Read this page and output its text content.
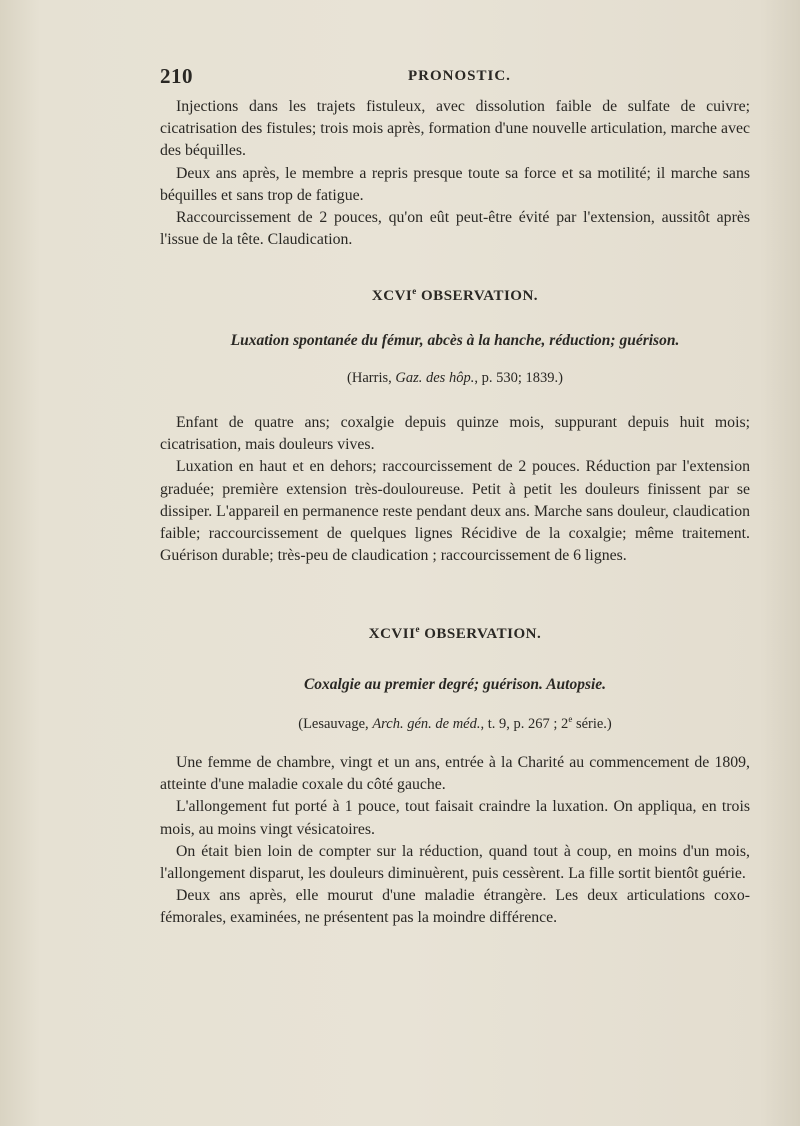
210	PRONOSTIC.

Injections dans les trajets fistuleux, avec dissolution faible de sulfate de cuivre; cicatrisation des fistules; trois mois après, formation d'une nouvelle articulation, marche avec des béquilles.

Deux ans après, le membre a repris presque toute sa force et sa motilité; il marche sans béquilles et sans trop de fatigue.

Raccourcissement de 2 pouces, qu'on eût peut-être évité par l'extension, aussitôt après l'issue de la tête. Claudication.

XCVIe OBSERVATION.
Luxation spontanée du fémur, abcès à la hanche, réduction; guérison.
(Harris, Gaz. des hôp., p. 530; 1839.)

Enfant de quatre ans; coxalgie depuis quinze mois, suppurant depuis huit mois; cicatrisation, mais douleurs vives.

Luxation en haut et en dehors; raccourcissement de 2 pouces. Réduction par l'extension graduée; première extension très-douloureuse. Petit à petit les douleurs finissent par se dissiper. L'appareil en permanence reste pendant deux ans. Marche sans douleur, claudication faible; raccourcissement de quelques lignes Récidive de la coxalgie; même traitement. Guérison durable; très-peu de claudication ; raccourcissement de 6 lignes.

XCVIIe OBSERVATION.
Coxalgie au premier degré; guérison. Autopsie.
(Lesauvage, Arch. gén. de méd., t. 9, p. 267 ; 2e série.)

Une femme de chambre, vingt et un ans, entrée à la Charité au commencement de 1809, atteinte d'une maladie coxale du côté gauche.

L'allongement fut porté à 1 pouce, tout faisait craindre la luxation. On appliqua, en trois mois, au moins vingt vésicatoires.

On était bien loin de compter sur la réduction, quand tout à coup, en moins d'un mois, l'allongement disparut, les douleurs diminuèrent, puis cessèrent. La fille sortit bientôt guérie.

Deux ans après, elle mourut d'une maladie étrangère. Les deux articulations coxo-fémorales, examinées, ne présentent pas la moindre différence.
